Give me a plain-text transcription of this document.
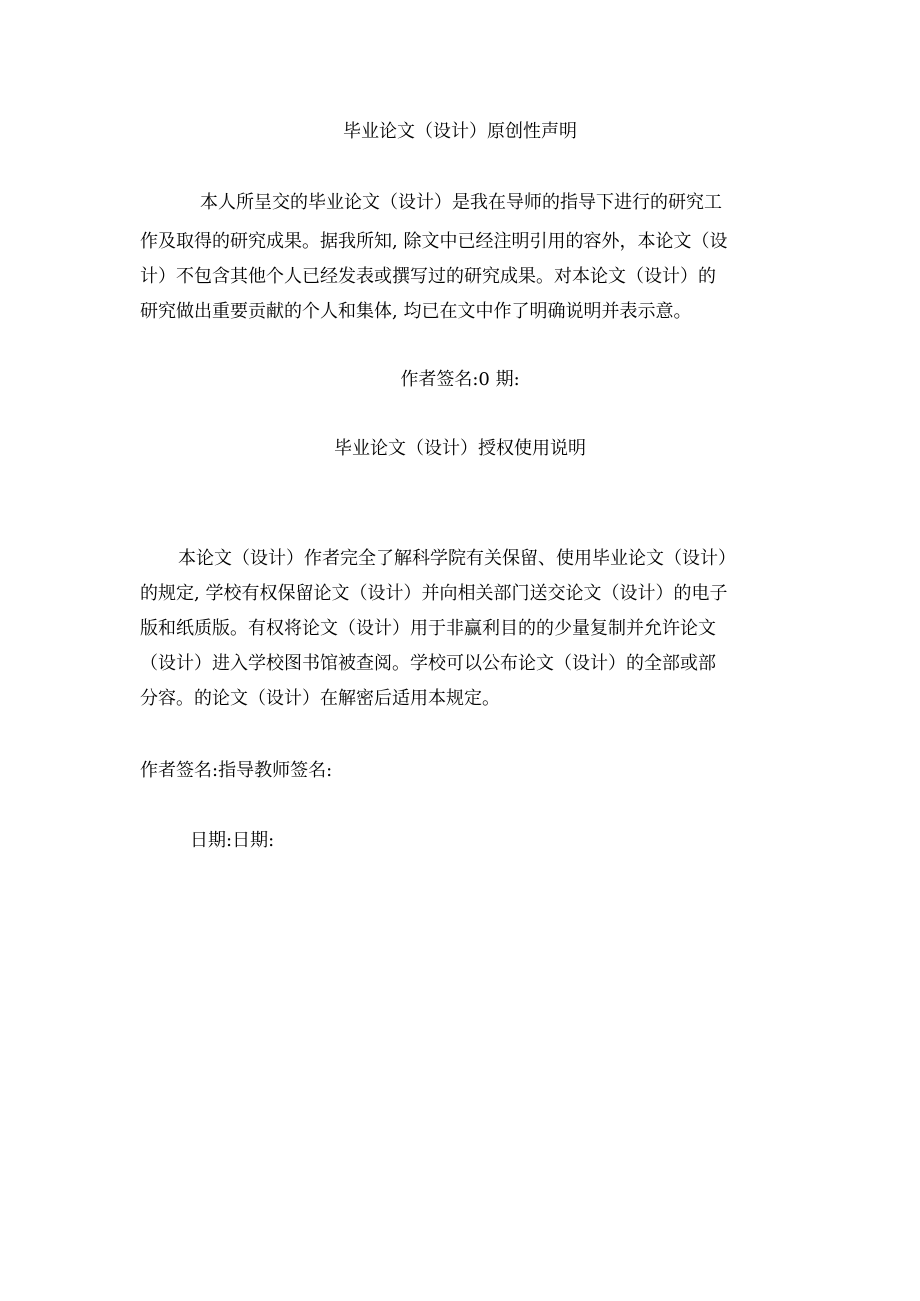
毕业论文（设计）原创性声明
本人所呈交的毕业论文（设计）是我在导师的指导下进行的研究工
作及取得的研究成果。据我所知, 除文中已经注明引用的容外，本论文（设
计）不包含其他个人已经发表或撰写过的研究成果。对本论文（设计）的
研究做出重要贡献的个人和集体, 均已在文中作了明确说明并表示意。
作者签名:0 期:
毕业论文（设计）授权使用说明
本论文（设计）作者完全了解科学院有关保留、使用毕业论文（设计）
的规定, 学校有权保留论文（设计）并向相关部门送交论文（设计）的电子
版和纸质版。有权将论文（设计）用于非赢利目的的少量复制并允许论文
（设计）进入学校图书馆被查阅。学校可以公布论文（设计）的全部或部
分容。的论文（设计）在解密后适用本规定。
作者签名:指导教师签名:
日期:日期:
